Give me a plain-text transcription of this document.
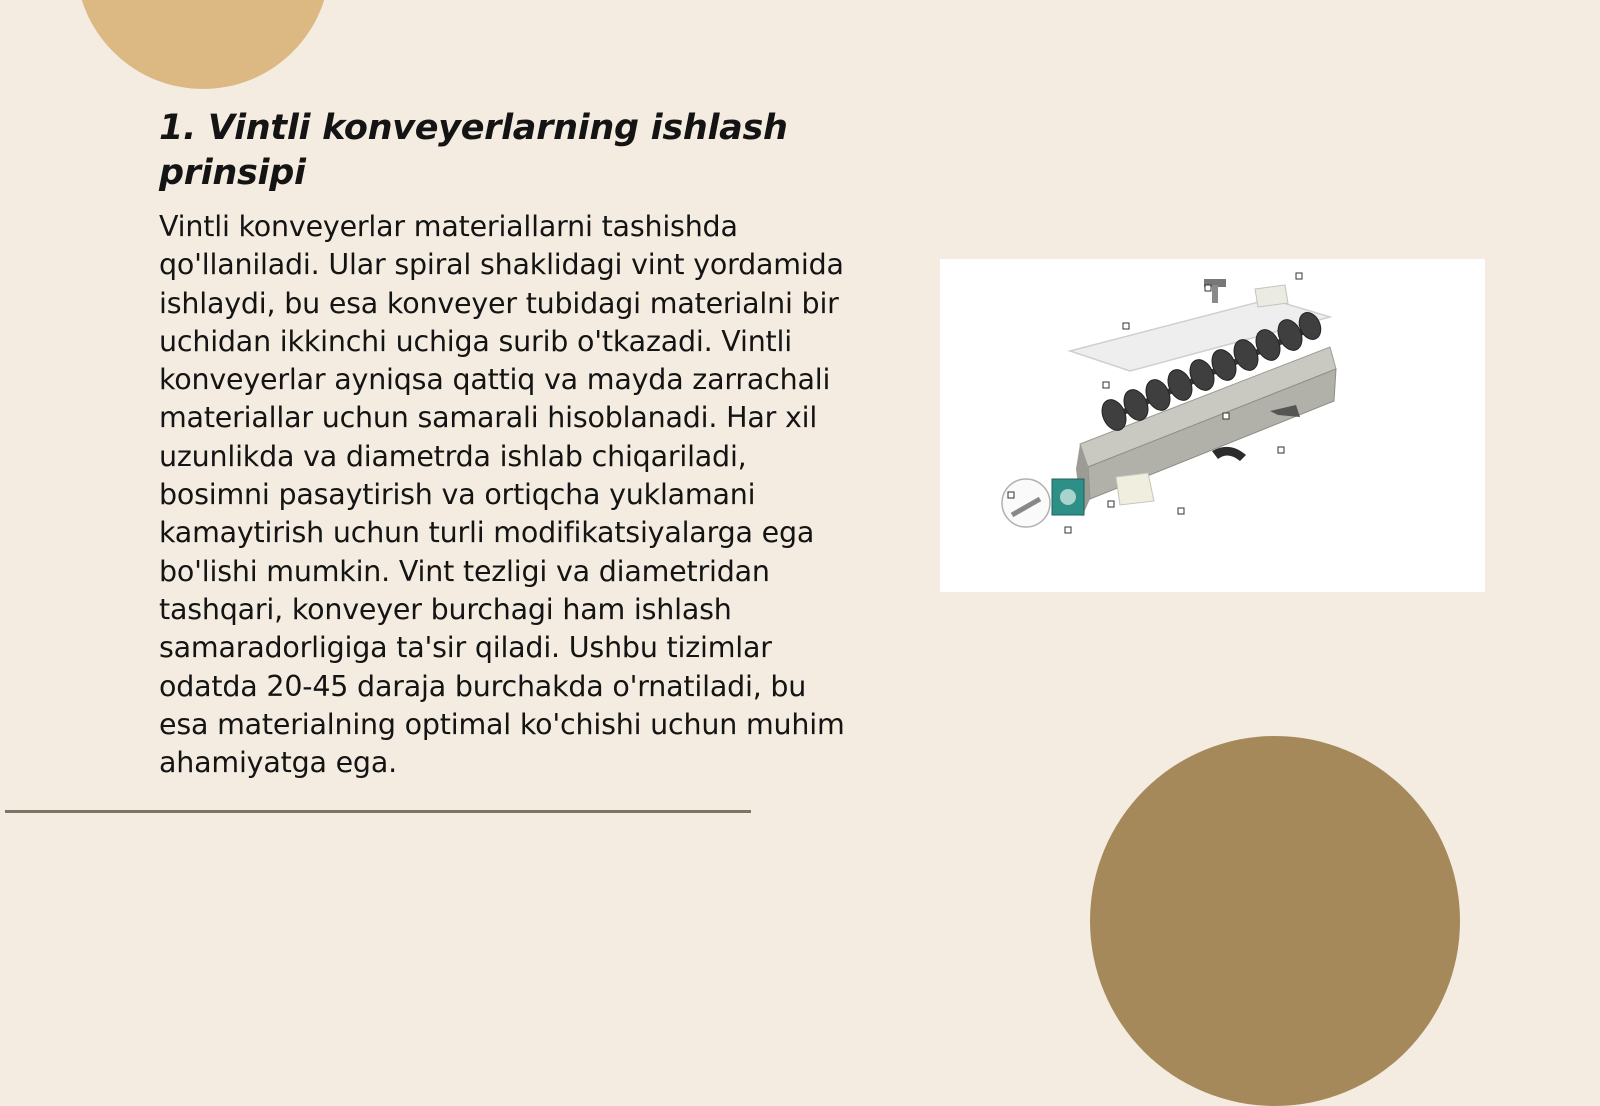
1. Vintli konveyerlarning ishlash prinsipi

Vintli konveyerlar materiallarni tashishda qo'llaniladi. Ular spiral shaklidagi vint yordamida ishlaydi, bu esa konveyer tubidagi materialni bir uchidan ikkinchi uchiga surib o'tkazadi. Vintli konveyerlar ayniqsa qattiq va mayda zarrachali materiallar uchun samarali hisoblanadi. Har xil uzunlikda va diametrda ishlab chiqariladi, bosimni pasaytirish va ortiqcha yuklamani kamaytirish uchun turli modifikatsiyalarga ega bo'lishi mumkin. Vint tezligi va diametridan tashqari, konveyer burchagi ham ishlash samaradorligiga ta'sir qiladi. Ushbu tizimlar odatda 20-45 daraja burchakda o'rnatiladi, bu esa materialning optimal ko'chishi uchun muhim ahamiyatga ega.
